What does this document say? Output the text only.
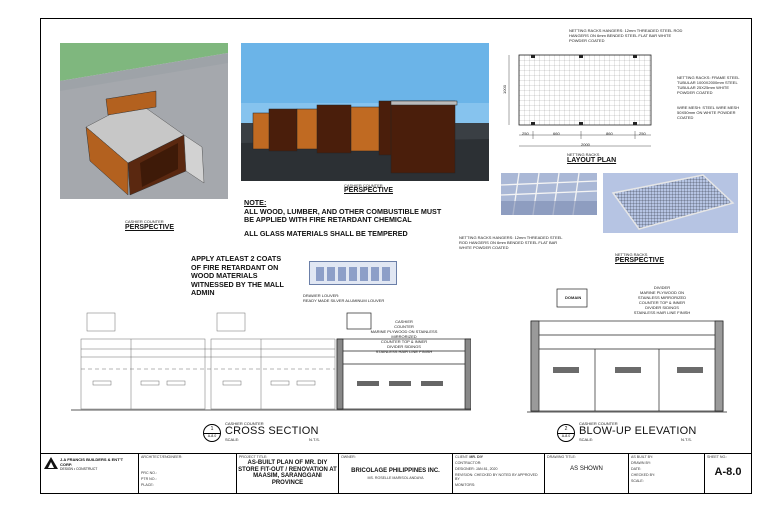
CASHIER COUNTER
PERSPECTIVE
CASHIER COUNTER
PERSPECTIVE
NOTE:
ALL WOOD, LUMBER, AND OTHER COMBUSTIBLE MUST BE APPLIED WITH FIRE RETARDANT CHEMICAL
ALL GLASS MATERIALS SHALL BE TEMPERED
APPLY ATLEAST 2 COATS OF FIRE RETARDANT ON WOOD MATERIALS WITNESSED BY THE MALL ADMIN	DRAWER LOUVER:
READY MADE SILVER ALUMINUM LOUVER
NETTING RACKS HANGERS: 12mm THREADED STEEL ROD HANGERS ON 6mm BENDED STEEL FLAT BAR WHITE POWDER COATED
1000
250	660	860	250
2000
NETTING RACKS: FRAME STEEL TUBULAR 1000X2000mm STEEL TUBULAR 25X25mm WHITE POWDER COATED
WIRE MESH: STEEL WIRE MESH 50X50mm ON WHITE POWDER COATED
NETTING RACKS
LAYOUT PLAN
NETTING RACKS HANGERS: 12mm THREADED STEEL ROD HANGERS ON 6mm BENDED STEEL FLAT BAR WHITE POWDER COATED
NETTING RACKS
PERSPECTIVE
CASHIER
COUNTER
MARINE PLYWOOD ON STAINLESS MIRRORIZED
COUNTER TOP & INNER
DIVIDER SIDINGS
STAINLESS HAIR LINE FINISH
1
A-8.0
CASHIER COUNTER
CROSS SECTION
SCALE:	N.T.S.
DOMAIN
DIVIDER
MARINE PLYWOOD ON
STAINLESS MIRRORIZED
COUNTER TOP & INNER
DIVIDER SIDINGS
STAINLESS HAIR LINE FINISH
2
A-8.0
CASHIER COUNTER
BLOW-UP ELEVATION
SCALE:	N.T.S.
J.A FRANCIS BUILDERS & ENT'T CORP.
DESIGN • CONSTRUCT
ARCHITECT/ENGINEER:
PRC NO.:
PTR NO.:
PLACE:
PROJECT TITLE:
AS-BUILT PLAN OF MR. DIY STORE FIT-OUT / RENOVATION AT MAASIM, SARANGGANI PROVINCE
OWNER:
BRICOLAGE PHILIPPINES INC.
MS. ROSELLE MARISOL ANDAYA
CLIENT: MR. DIY
CONTRACTOR:
DESIGNER: JAN 81, 2020
REVISION: CHECKED BY NOTED BY APPROVED BY
MONITORS:
DRAWING TITLE:
AS SHOWN
AS BUILT BY:
DRAWN BY:
DATE:
CHECKED BY:
SCALE:
SHEET NO.:
A-8.0
